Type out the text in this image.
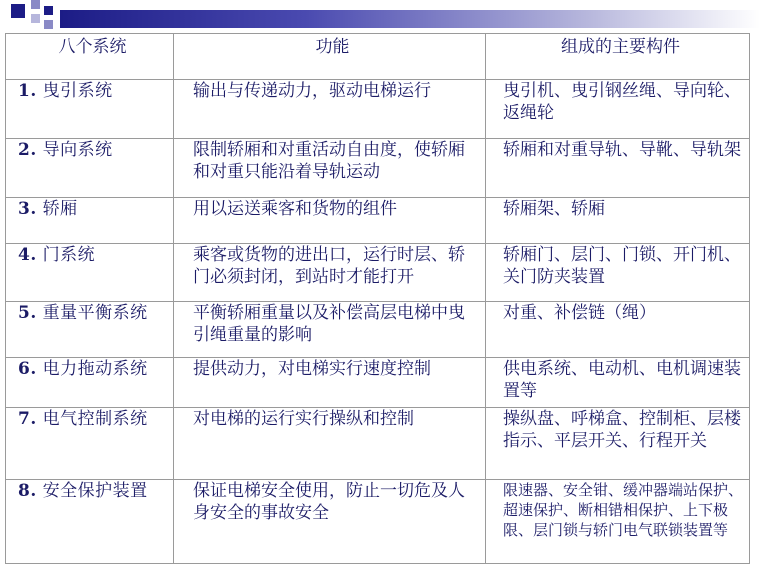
八个系统	功能	组成的主要构件
1. 曳引系统	输出与传递动力，驱动电梯运行	曳引机、曳引钢丝绳、导向轮、返绳轮
2. 导向系统	限制轿厢和对重活动自由度，使轿厢和对重只能沿着导轨运动	轿厢和对重导轨、导靴、导轨架
3. 轿厢	用以运送乘客和货物的组件	轿厢架、轿厢
4. 门系统	乘客或货物的进出口，运行时层、轿门必须封闭，到站时才能打开	轿厢门、层门、门锁、开门机、关门防夹装置
5. 重量平衡系统	平衡轿厢重量以及补偿高层电梯中曳引绳重量的影响	对重、补偿链（绳）
6. 电力拖动系统	提供动力，对电梯实行速度控制	供电系统、电动机、电机调速装置等
7. 电气控制系统	对电梯的运行实行操纵和控制	操纵盘、呼梯盒、控制柜、层楼指示、平层开关、行程开关
8. 安全保护装置	保证电梯安全使用，防止一切危及人身安全的事故安全	限速器、安全钳、缓冲器端站保护、超速保护、断相错相保护、上下极限、层门锁与轿门电气联锁装置等
